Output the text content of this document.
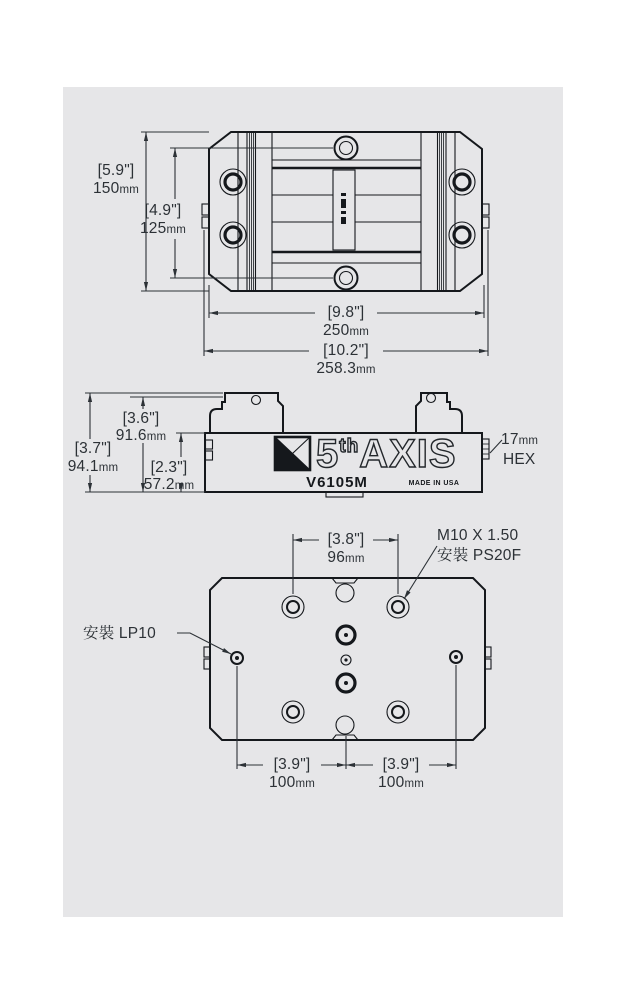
[5.9"]
150mm
[4.9"]
125mm
[9.8"]
250mm
[10.2"]
258.3mm
5thAXIS
V6105M	MADE IN USA
17mm
HEX
[3.7"]
94.1mm
[3.6"]
91.6mm
[2.3"]
57.2mm
[3.8"]
96mm
M10 X 1.50
安裝 PS20F
安裝 LP10
[3.9"]
100mm
[3.9"]
100mm
